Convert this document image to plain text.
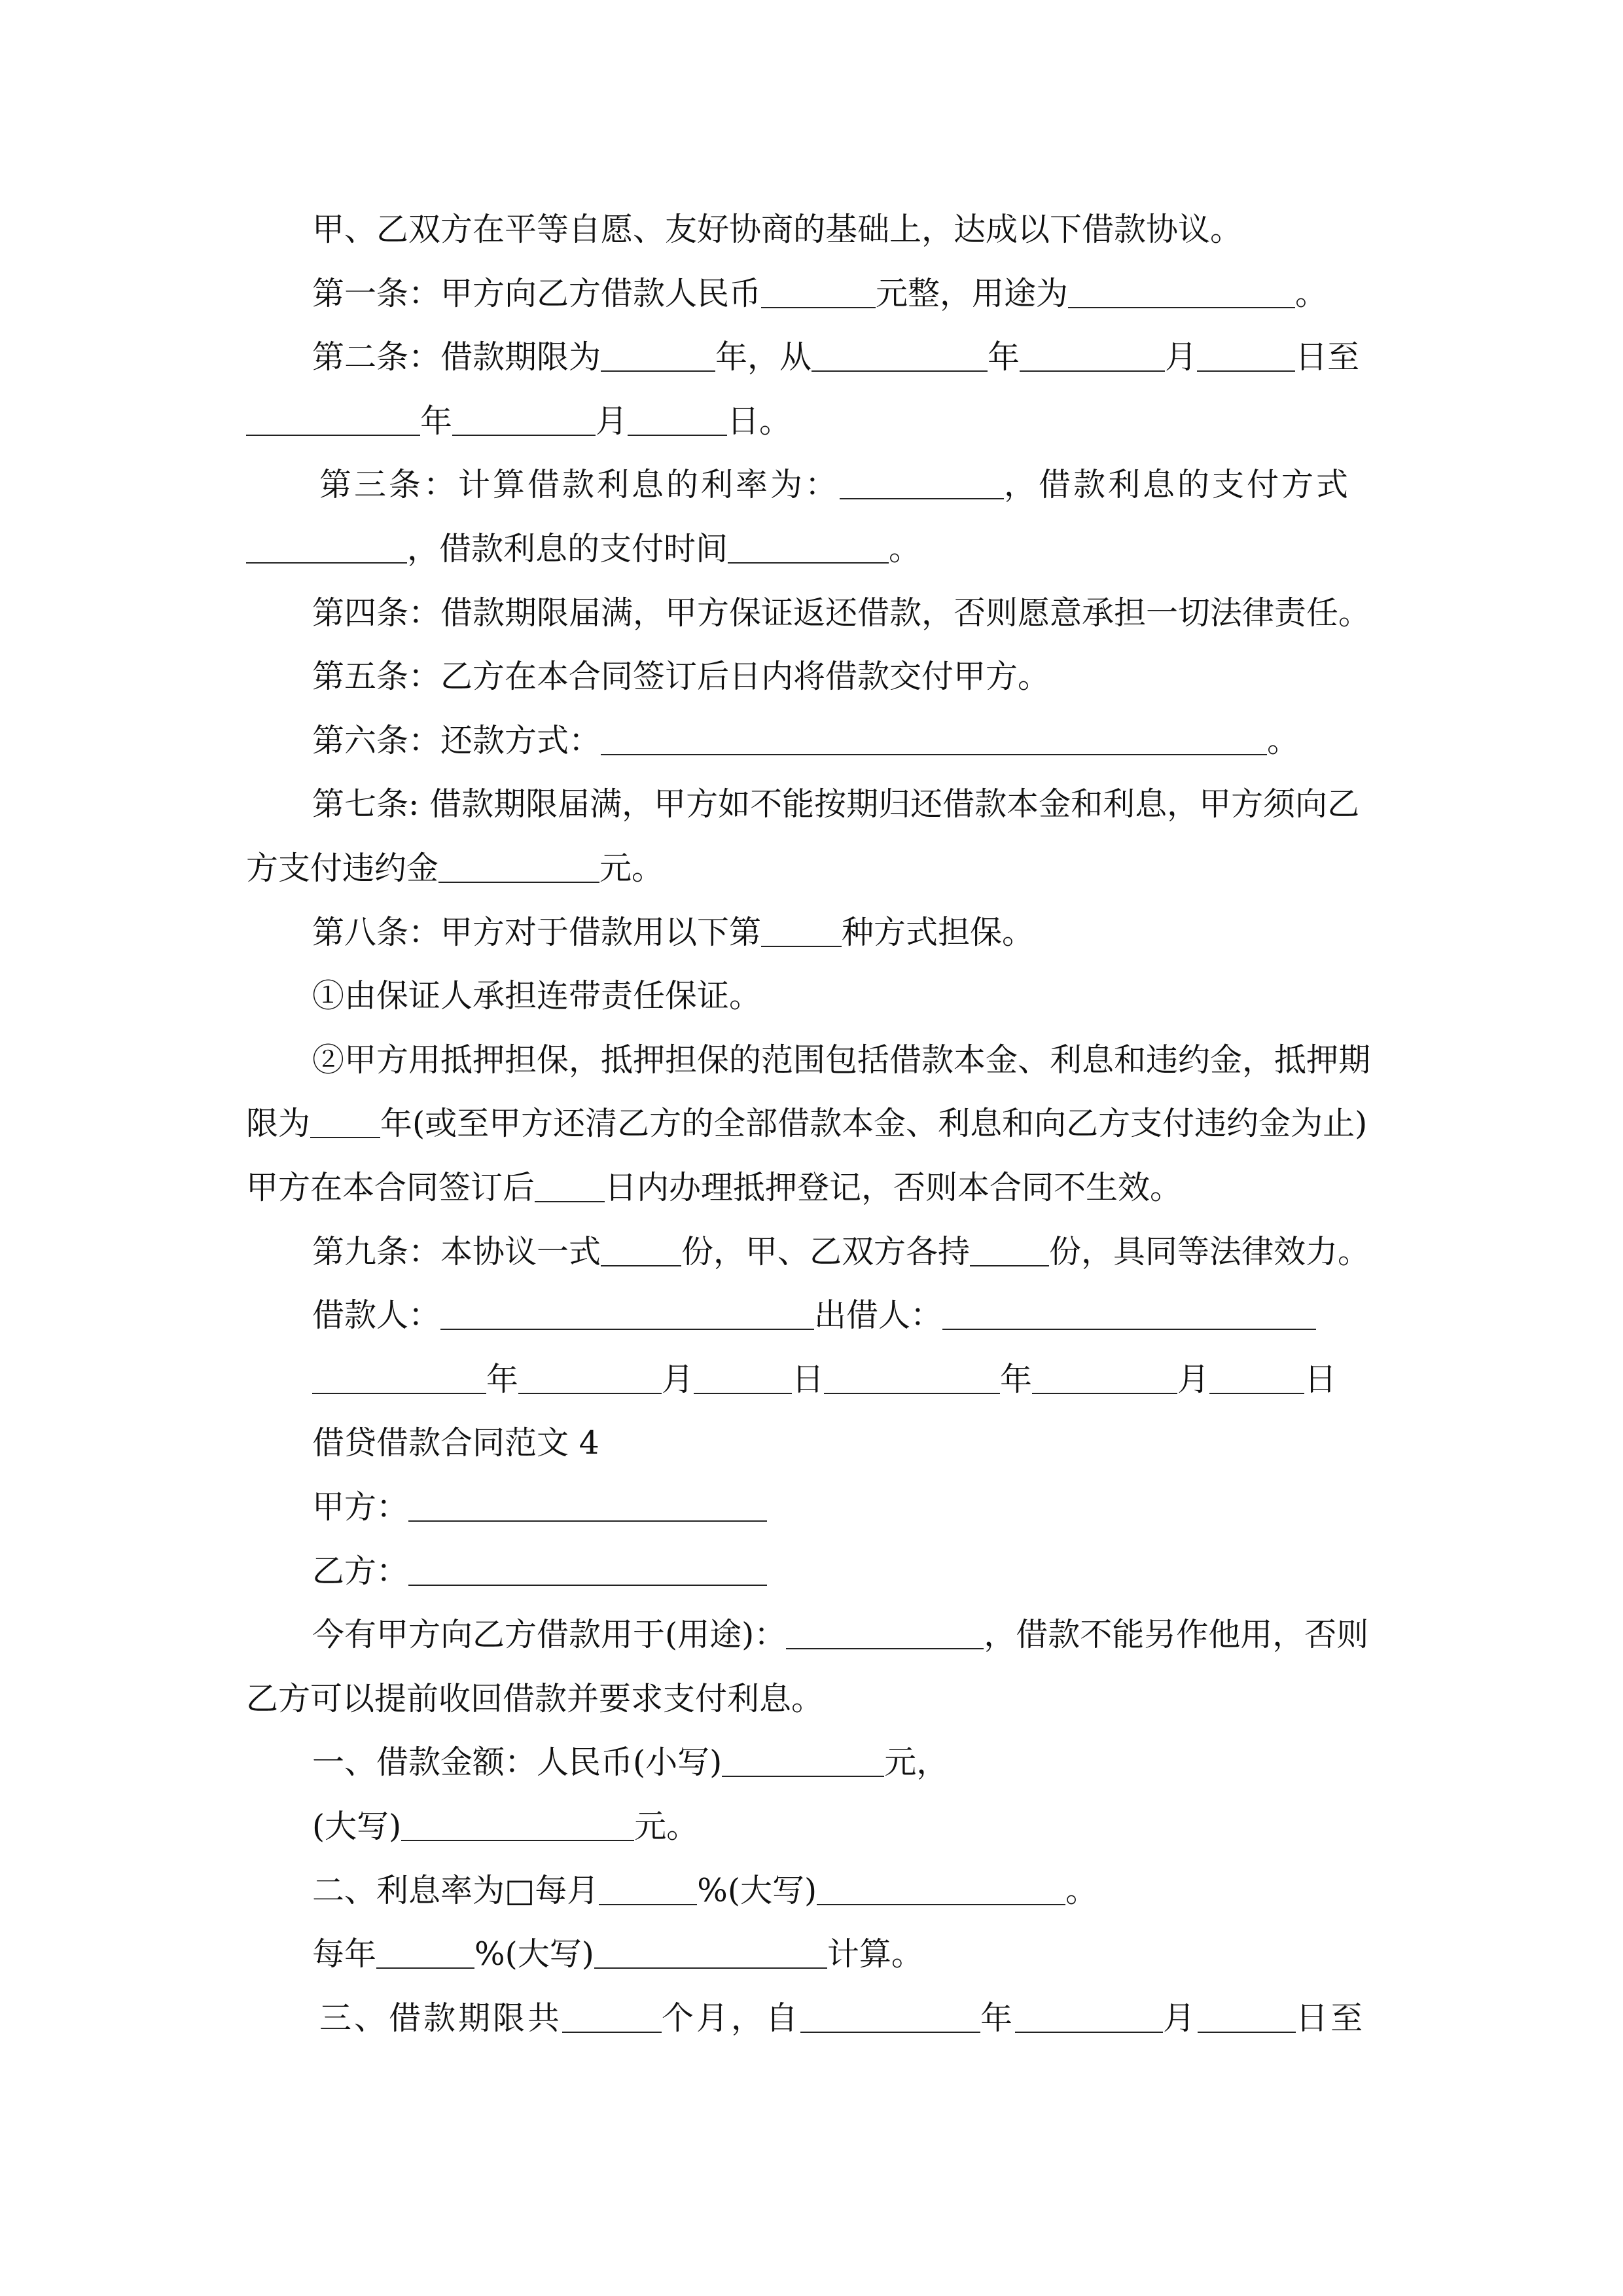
甲、乙双方在平等自愿、友好协商的基础上，达成以下借款协议。
第一条：甲方向乙方借款人民币	元整，用途为	。
第二条：借款期限为	年，从	年	月	日至
年	月	日。
第三条：计算借款利息的利率为：	，借款利息的支付方式
，借款利息的支付时间	。
第四条：借款期限届满，甲方保证返还借款，否则愿意承担一切法律责任。
第五条：乙方在本合同签订后日内将借款交付甲方。
第六条：还款方式：	。
第七条: 借款期限届满，甲方如不能按期归还借款本金和利息，甲方须向乙
方支付违约金	元。
第八条：甲方对于借款用以下第	种方式担保。
①由保证人承担连带责任保证。
②甲方用抵押担保，抵押担保的范围包括借款本金、利息和违约金，抵押期
限为 年(或至甲方还清乙方的全部借款本金、利息和向乙方支付违约金为止)
甲方在本合同签订后 日内办理抵押登记，否则本合同不生效。
第九条：本协议一式	份，甲、乙双方各持 份，具同等法律效力。
借款人：	出借人：
年	月	日	年	月	日
借贷借款合同范文 4
甲方：
乙方：
今有甲方向乙方借款用于(用途)：	，借款不能另作他用，否则
乙方可以提前收回借款并要求支付利息。
一、借款金额：人民币(小写)	元，
(大写)	元。
二、利息率为□每月	%(大写)	。
每年	%(大写)	计算。
三、借款期限共	个月，自	年	月	日至
